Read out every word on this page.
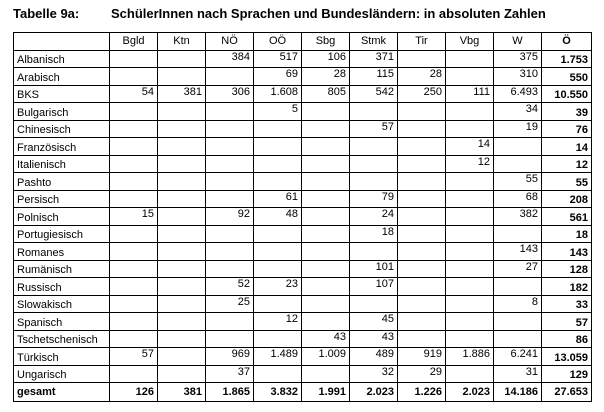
Tabelle 9a: SchülerInnen nach Sprachen und Bundesländern: in absoluten Zahlen
	Bgld	Ktn	NÖ	OÖ	Sbg	Stmk	Tir	Vbg	W	Ö
Albanisch			384	517	106	371			375	1.753
Arabisch				69	28	115	28		310	550
BKS	54	381	306	1.608	805	542	250	111	6.493	10.550
Bulgarisch				5					34	39
Chinesisch						57			19	76
Französisch								14		14
Italienisch								12		12
Pashto									55	55
Persisch				61		79			68	208
Polnisch	15		92	48		24			382	561
Portugiesisch						18				18
Romanes									143	143
Rumänisch						101			27	128
Russisch			52	23		107				182
Slowakisch			25						8	33
Spanisch				12		45				57
Tschetschenisch					43	43				86
Türkisch	57		969	1.489	1.009	489	919	1.886	6.241	13.059
Ungarisch			37			32	29		31	129
gesamt	126	381	1.865	3.832	1.991	2.023	1.226	2.023	14.186	27.653
